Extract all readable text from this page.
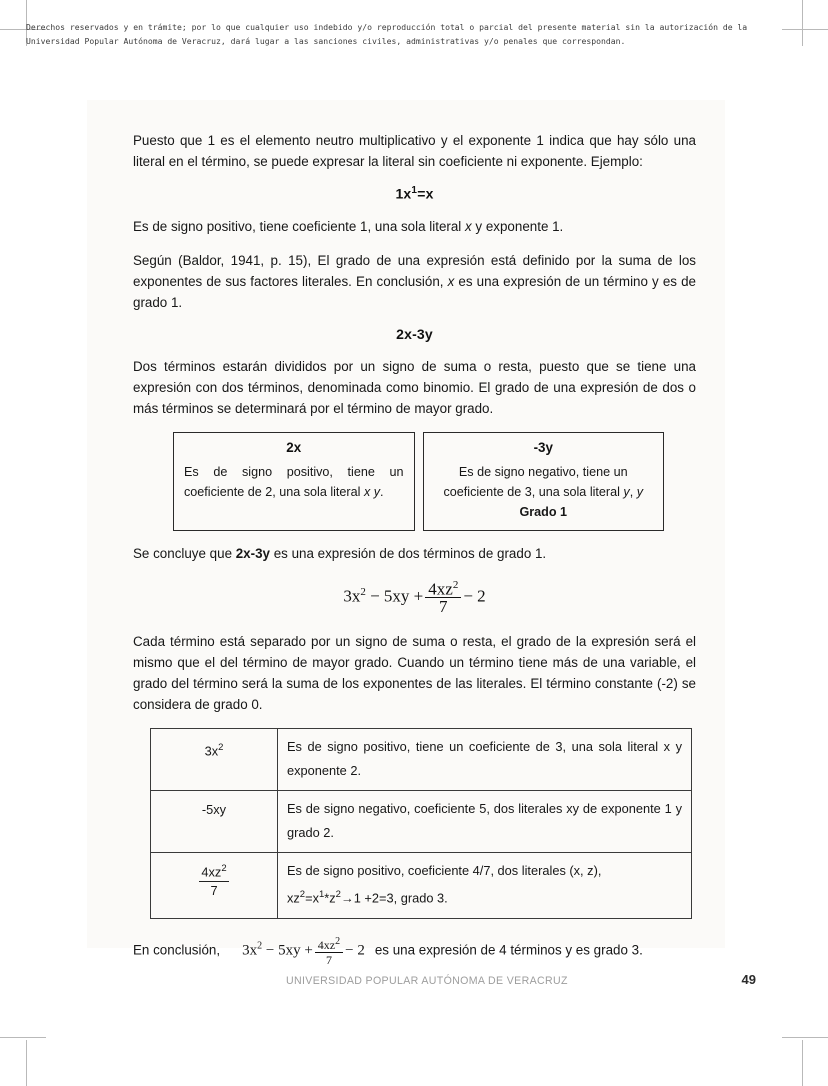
Derechos reservados y en trámite; por lo que cualquier uso indebido y/o reproducción total o parcial del presente material sin la autorización de la
Universidad Popular Autónoma de Veracruz, dará lugar a las sanciones civiles, administrativas y/o penales que correspondan.

Puesto que 1 es el elemento neutro multiplicativo y el exponente 1 indica que hay sólo una literal en el término, se puede expresar la literal sin coeficiente ni exponente. Ejemplo:

$1x^1=x$

Es de signo positivo, tiene coeficiente 1, una sola literal x y exponente 1.

Según (Baldor, 1941, p. 15), El grado de una expresión está definido por la suma de los exponentes de sus factores literales. En conclusión, x es una expresión de un término y es de grado 1.

2x-3y

Dos términos estarán divididos por un signo de suma o resta, puesto que se tiene una expresión con dos términos, denominada como binomio. El grado de una expresión de dos o más términos se determinará por el término de mayor grado.

2x
Es de signo positivo, tiene un coeficiente de 2, una sola literal x y.
-3y
Es de signo negativo, tiene un coeficiente de 3, una sola literal y, y Grado 1

Se concluye que 2x-3y es una expresión de dos términos de grado 1.

$3x^2 - 5xy + \frac{4xz^2}{7} - 2$

Cada término está separado por un signo de suma o resta, el grado de la expresión será el mismo que el del término de mayor grado. Cuando un término tiene más de una variable, el grado del término será la suma de los exponentes de las literales. El término constante (-2) se considera de grado 0.

$3x^2$	Es de signo positivo, tiene un coeficiente de 3, una sola literal x y exponente 2.
-5xy	Es de signo negativo, coeficiente 5, dos literales xy de exponente 1 y grado 2.

$\frac{4xz^2}{7}$	Es de signo positivo, coeficiente 4/7, dos literales (x, z),
$xz^2=x^1*z^2\to 1 +2=3$, grado 3.
En conclusión, $3x^2 - 5xy + \frac{4xz^2}{7} - 2$ es una expresión de 4 términos y es grado 3.
UNIVERSIDAD POPULAR AUTÓNOMA DE VERACRUZ	49
